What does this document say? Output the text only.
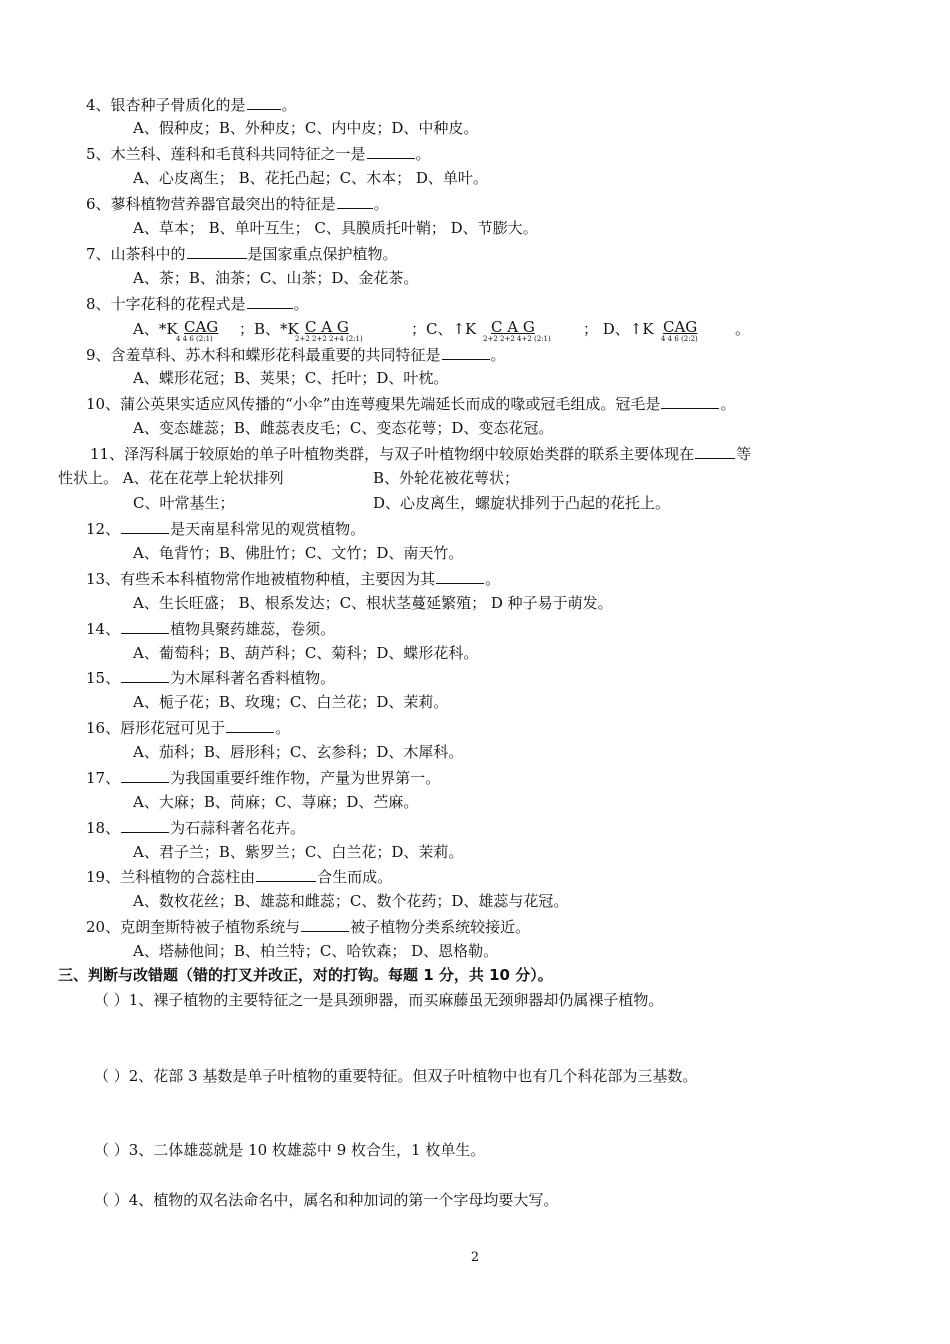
4、银杏种子骨质化的是 。
A、假种皮；B、外种皮；C、内中皮；D、中种皮。
5、木兰科、莲科和毛茛科共同特征之一是	。
A、心皮离生； B、花托凸起；C、木本； D、单叶。
6、蓼科植物营养器官最突出的特征是	。
A、草本； B、单叶互生； C、具膜质托叶鞘； D、节膨大。
7、山茶科中的	是国家重点保护植物。
A、茶；B、油茶；C、山茶；D、金花茶。
8、十字花科的花程式是	。
A、*K CAG
4 4 6 (2:1)
；B、*K C A G
2+2 2+2 2+4 (2:1)
；C、↑K C A G
2+2 2+2 4+2 (2:1)
； D、↑K CAG
4 4 6 (2:2)
。
9、含羞草科、苏木科和蝶形花科最重要的共同特征是	。
A、蝶形花冠；B、荚果；C、托叶；D、叶枕。
10、蒲公英果实适应风传播的“小伞”由连萼瘦果先端延长而成的喙或冠毛组成。冠毛是	。
A、变态雄蕊；B、雌蕊表皮毛；C、变态花萼；D、变态花冠。
11、泽泻科属于较原始的单子叶植物类群，与双子叶植物纲中较原始类群的联系主要体现在	等
性状上。 A、花在花葶上轮状排列	B、外轮花被花萼状；
C、叶常基生；	D、心皮离生，螺旋状排列于凸起的花托上。
12、	是天南星科常见的观赏植物。
A、龟背竹；B、佛肚竹；C、文竹；D、南天竹。
13、有些禾本科植物常作地被植物种植，主要因为其	。
A、生长旺盛； B、根系发达；C、根状茎蔓延繁殖； D 种子易于萌发。
14、	植物具聚药雄蕊，卷须。
A、葡萄科；B、葫芦科；C、菊科；D、蝶形花科。
15、	为木犀科著名香料植物。
A、栀子花；B、玫瑰；C、白兰花；D、茉莉。
16、唇形花冠可见于	。
A、茄科；B、唇形科；C、玄参科；D、木犀科。
17、	为我国重要纤维作物，产量为世界第一。
A、大麻；B、苘麻；C、荨麻；D、苎麻。
18、	为石蒜科著名花卉。
A、君子兰；B、紫罗兰；C、白兰花；D、茉莉。
19、兰科植物的合蕊柱由	合生而成。
A、数枚花丝；B、雄蕊和雌蕊；C、数个花药；D、雄蕊与花冠。
20、克朗奎斯特被子植物系统与	被子植物分类系统较接近。
A、塔赫他间；B、柏兰特；C、哈钦森； D、恩格勒。
三、判断与改错题（错的打叉并改正，对的打钩。每题 1 分，共 10 分）。
（ ）1、裸子植物的主要特征之一是具颈卵器，而买麻藤虽无颈卵器却仍属裸子植物。
（ ）2、花部 3 基数是单子叶植物的重要特征。但双子叶植物中也有几个科花部为三基数。
（ ）3、二体雄蕊就是 10 枚雄蕊中 9 枚合生，1 枚单生。
（ ）4、植物的双名法命名中，属名和种加词的第一个字母均要大写。
2
